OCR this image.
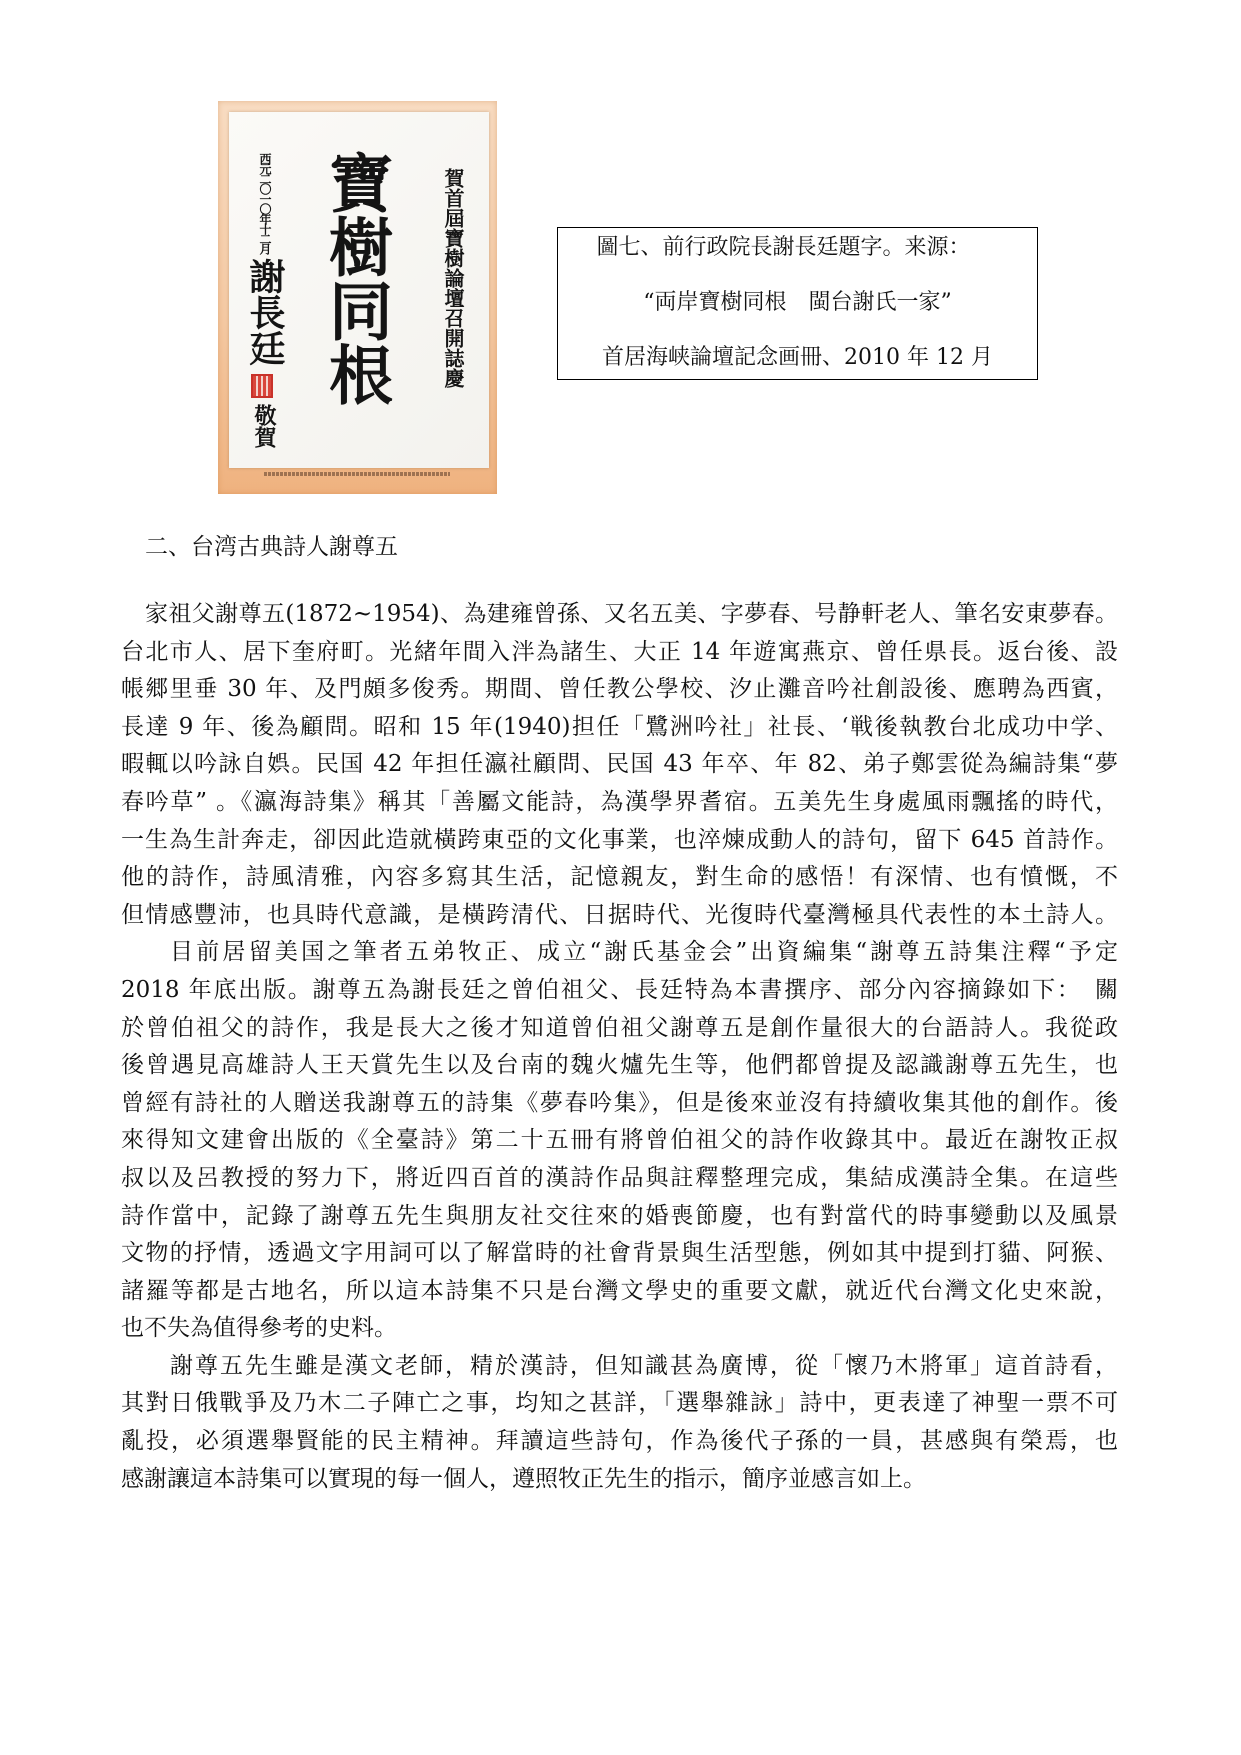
賀首屆寶樹論壇召開誌慶
寶樹同根
西元二〇一〇年十二月
謝長廷
敬賀
圖七、前行政院長謝長廷題字。来源：
“両岸寶樹同根　閩台謝氏一家”
首居海峡論壇記念画冊、2010 年 12 月
二、台湾古典詩人謝尊五
家祖父謝尊五(1872~1954)、為建雍曾孫、又名五美、字夢春、号静軒老人、筆名安東夢春。
台北市人、居下奎府町。光緒年間入泮為諸生、大正 14 年遊寓燕京、曾任県長。返台後、設
帳郷里垂 30 年、及門頗多俊秀。期間、曾任教公學校、汐止灘音吟社創設後、應聘為西賓，
長達 9 年、後為顧問。昭和 15 年(1940)担任「鷺洲吟社」社長、‘戦後執教台北成功中学、
暇輒以吟詠自娯。民国 42 年担任瀛社顧問、民国 43 年卒、年 82、弟子鄭雲從為編詩集“夢
春吟草” 。《瀛海詩集》稱其「善屬文能詩，為漢學界耆宿。五美先生身處風雨飄搖的時代，
一生為生計奔走，卻因此造就橫跨東亞的文化事業，也淬煉成動人的詩句，留下 645 首詩作。
他的詩作，詩風清雅，內容多寫其生活，記憶親友，對生命的感悟！有深情、也有憤慨，不
但情感豐沛，也具時代意識，是橫跨清代、日据時代、光復時代臺灣極具代表性的本土詩人。
目前居留美国之筆者五弟牧正、成立“謝氏基金会”出資編集“謝尊五詩集注釋“予定
2018 年底出版。謝尊五為謝長廷之曾伯祖父、長廷特為本書撰序、部分內容摘錄如下：　關
於曾伯祖父的詩作，我是長大之後才知道曾伯祖父謝尊五是創作量很大的台語詩人。我從政
後曾遇見高雄詩人王天賞先生以及台南的魏火爐先生等，他們都曾提及認識謝尊五先生，也
曾經有詩社的人贈送我謝尊五的詩集《夢春吟集》，但是後來並沒有持續收集其他的創作。後
來得知文建會出版的《全臺詩》第二十五冊有將曾伯祖父的詩作收錄其中。最近在謝牧正叔
叔以及呂教授的努力下，將近四百首的漢詩作品與註釋整理完成，集結成漢詩全集。在這些
詩作當中，記錄了謝尊五先生與朋友社交往來的婚喪節慶，也有對當代的時事變動以及風景
文物的抒情，透過文字用詞可以了解當時的社會背景與生活型態，例如其中提到打貓、阿猴、
諸羅等都是古地名，所以這本詩集不只是台灣文學史的重要文獻，就近代台灣文化史來說，
也不失為值得參考的史料。
謝尊五先生雖是漢文老師，精於漢詩，但知識甚為廣博，從「懷乃木將軍」這首詩看，
其對日俄戰爭及乃木二子陣亡之事，均知之甚詳，「選舉雜詠」詩中，更表達了神聖一票不可
亂投，必須選舉賢能的民主精神。拜讀這些詩句，作為後代子孫的一員，甚感與有榮焉，也
感謝讓這本詩集可以實現的每一個人，遵照牧正先生的指示，簡序並感言如上。
